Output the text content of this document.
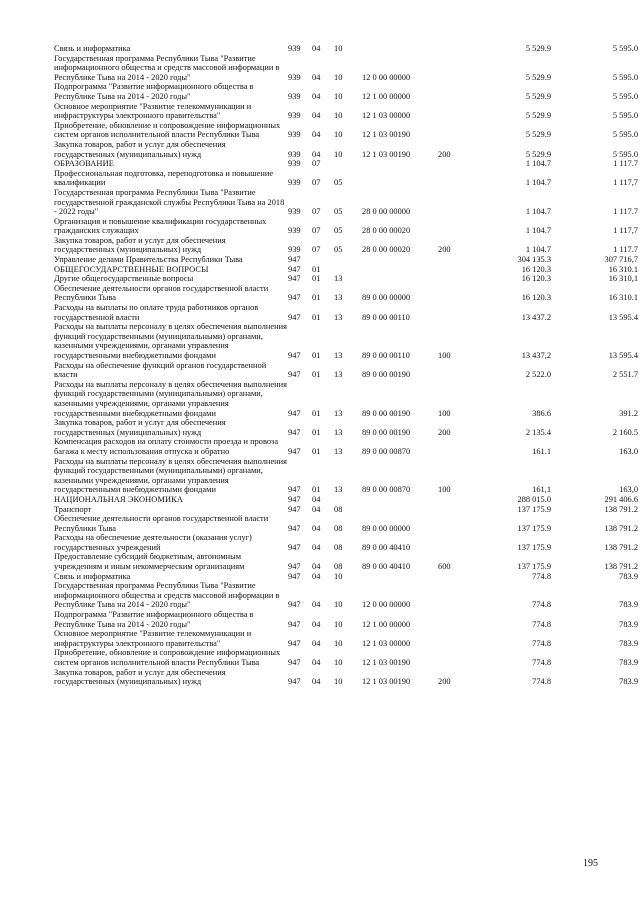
Связь и информатика	939	04	10			5 529.9	5 595.0
Государственная программа Республики Тыва "Развитие информационного общества и средств массовой информации в Республике Тыва на 2014 - 2020 годы"	939	04	10	12 0 00 00000		5 529.9	5 595.0
Подпрограмма "Развитие информационного общества в Республике Тыва на 2014 - 2020 годы"	939	04	10	12 1 00 00000		5 529.9	5 595.0
Основное мероприятие "Развитие телекоммуникации и инфраструктуры электронного правительства"	939	04	10	12 1 03 00000		5 529.9	5 595.0
Приобретение, обновление и сопровождение информационных систем органов исполнительной власти Республики Тыва	939	04	10	12 1 03 00190		5 529.9	5 595.0
Закупка товаров, работ и услуг для обеспечения государственных (муниципальных) нужд	939	04	10	12 1 03 00190	200	5 529.9	5 595.0
ОБРАЗОВАНИЕ	939	07				1 104.7	1 117.7
Профессиональная подготовка, переподготовка и повышение квалификации	939	07	05			1 104.7	1 117,7
Государственная программа Республики Тыва "Развитие государственной гражданской службы Республики Тыва на 2018 - 2022 годы"	939	07	05	28 0 00 00000		1 104.7	1 117.7
Организация и повышение квалификации государственных гражданских служащих	939	07	05	28 0 00 00020		1 104.7	1 117,7
Закупка товаров, работ и услуг для обеспечения государственных (муниципальных) нужд	939	07	05	28 0 00 00020	200	1 104.7	1 117.7
Управление делами Правительства Республики Тыва	947					304 135.3	307 716,7
ОБЩЕГОСУДАРСТВЕННЫЕ ВОПРОСЫ	947	01				16 120.3	16 310.1
Другие общегосударственные вопросы	947	01	13			16 120.3	16 310,1
Обеспечение деятельности органов государственной власти Республики Тыва	947	01	13	89 0 00 00000		16 120.3	16 310.1
Расходы на выплаты по оплате труда работников органов государственной власти	947	01	13	89 0 00 00110		13 437.2	13 595.4
Расходы на выплаты персоналу в целях обеспечения выполнения функций государственными (муниципальными) органами, казенными учреждениями, органами управления государственными внебюджетными фондами	947	01	13	89 0 00 00110	100	13 437,2	13 595.4
Расходы на обеспечение функций органов государственной власти	947	01	13	89 0 00 00190		2 522.0	2 551.7
Расходы на выплаты персоналу в целях обеспечения выполнения функций государственными (муниципальными) органами, казенными учреждениями, органами управления государственными внебюджетными фондами	947	01	13	89 0 00 00190	100	386.6	391.2
Закупка товаров, работ и услуг для обеспечения государственных (муниципальных) нужд	947	01	13	89 0 00 00190	200	2 135.4	2 160.5
Компенсация расходов на оплату стоимости проезда и провоза багажа к месту использования отпуска и обратно	947	01	13	89 0 00 00870		161.1	163.0
Расходы на выплаты персоналу в целях обеспечения выполнения функций государственными (муниципальными) органами, казенными учреждениями, органами управления государственными внебюджетными фондами	947	01	13	89 0 00 00870	100	161,1	163,0
НАЦИОНАЛЬНАЯ ЭКОНОМИКА	947	04				288 015.0	291 406.6
Транспорт	947	04	08			137 175.9	138 791.2
Обеспечение деятельности органов государственной власти Республики Тыва	947	04	08	89 0 00 00000		137 175.9	138 791.2
Расходы на обеспечение деятельности (оказания услуг) государственных учреждений	947	04	08	89 0 00 40410		137 175.9	138 791.2
Предоставление субсидий бюджетным, автономным учреждениям и иным некоммерческим организациям	947	04	08	89 0 00 40410	600	137 175.9	138 791.2
Связь и информатика	947	04	10			774.8	783.9
Государственная программа Республики Тыва "Развитие информационного общества и средств массовой информации в Республике Тыва на 2014 - 2020 годы"	947	04	10	12 0 00 00000		774.8	783.9
Подпрограмма "Развитие информационного общества в Республике Тыва на 2014 - 2020 годы"	947	04	10	12 1 00 00000		774.8	783.9
Основное мероприятие "Развитие телекоммуникации и инфраструктуры электронного правительства"	947	04	10	12 1 03 00000		774.8	783.9
Приобретение, обновление и сопровождение информационных систем органов исполнительной власти Республики Тыва	947	04	10	12 1 03 00190		774.8	783.9
Закупка товаров, работ и услуг для обеспечения государственных (муниципальных) нужд	947	04	10	12 1 03 00190	200	774.8	783.9
195
